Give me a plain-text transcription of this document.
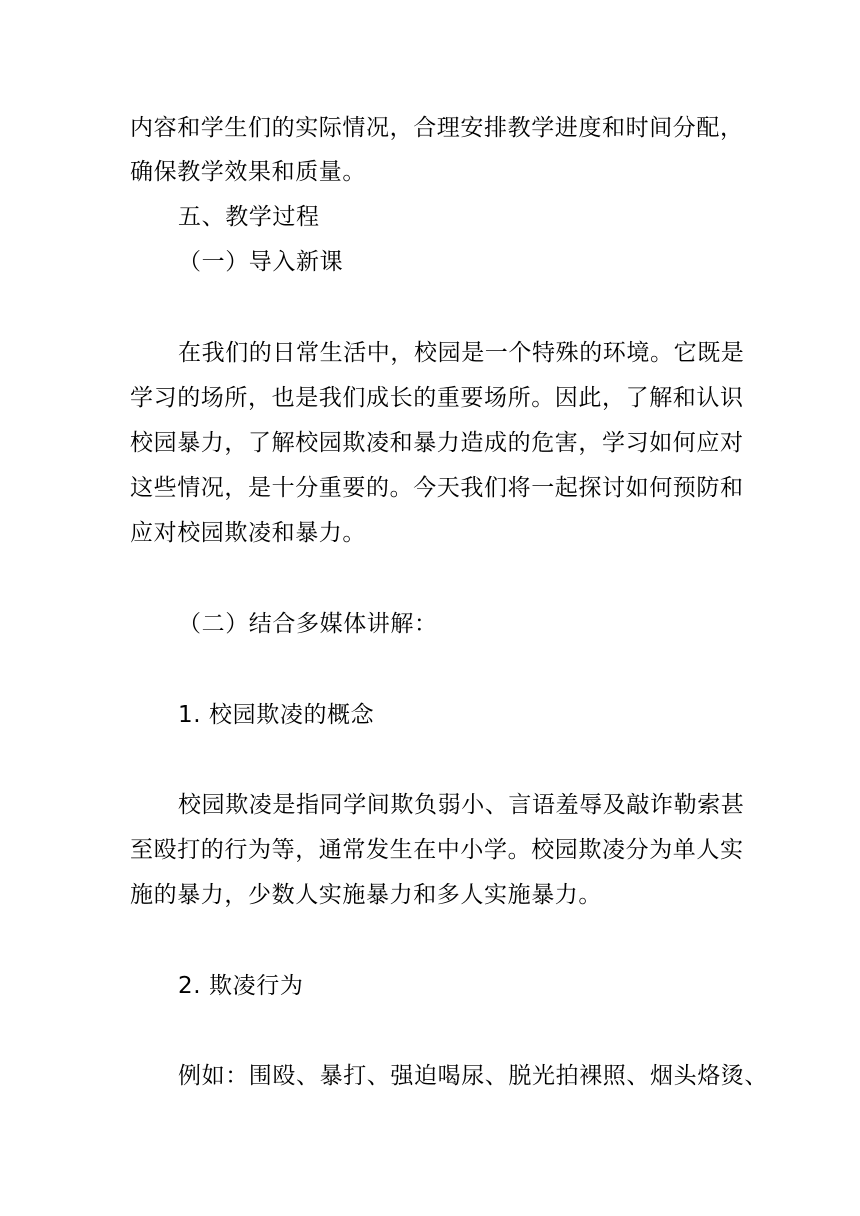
内容和学生们的实际情况，合理安排教学进度和时间分配，
确保教学效果和质量。
五、教学过程
（一）导入新课
在我们的日常生活中，校园是一个特殊的环境。它既是
学习的场所，也是我们成长的重要场所。因此，了解和认识
校园暴力，了解校园欺凌和暴力造成的危害，学习如何应对
这些情况，是十分重要的。今天我们将一起探讨如何预防和
应对校园欺凌和暴力。
（二）结合多媒体讲解：
1. 校园欺凌的概念
校园欺凌是指同学间欺负弱小、言语羞辱及敲诈勒索甚
至殴打的行为等，通常发生在中小学。校园欺凌分为单人实
施的暴力，少数人实施暴力和多人实施暴力。
2. 欺凌行为
例如：围殴、暴打、强迫喝尿、脱光拍裸照、烟头烙烫、
